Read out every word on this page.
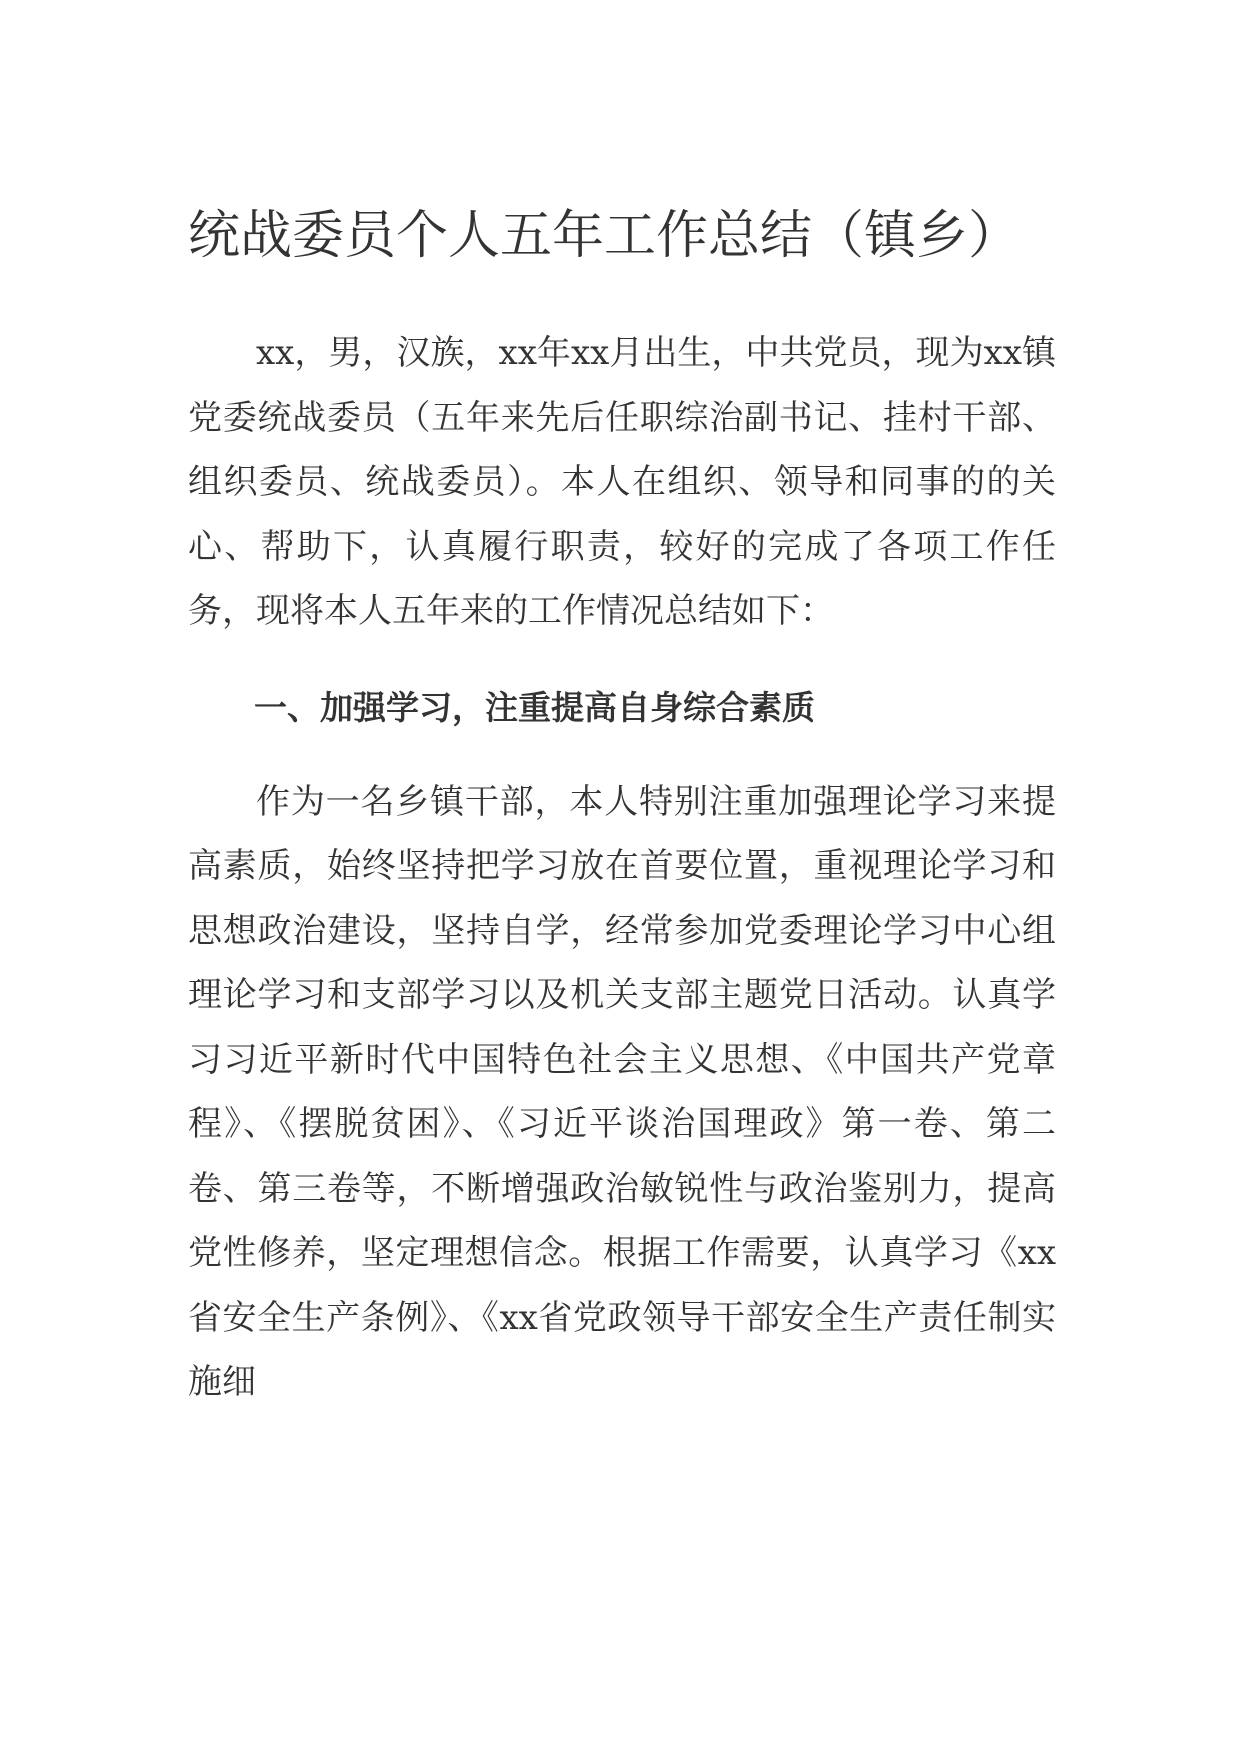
统战委员个人五年工作总结（镇乡）

xx，男，汉族，xx年xx月出生，中共党员，现为xx镇党委统战委员（五年来先后任职综治副书记、挂村干部、组织委员、统战委员）。本人在组织、领导和同事的的关心、帮助下，认真履行职责，较好的完成了各项工作任务，现将本人五年来的工作情况总结如下：

一、加强学习，注重提高自身综合素质

作为一名乡镇干部，本人特别注重加强理论学习来提高素质，始终坚持把学习放在首要位置，重视理论学习和思想政治建设，坚持自学，经常参加党委理论学习中心组理论学习和支部学习以及机关支部主题党日活动。认真学习习近平新时代中国特色社会主义思想、《中国共产党章程》、《摆脱贫困》、《习近平谈治国理政》第一卷、第二卷、第三卷等，不断增强政治敏锐性与政治鉴别力，提高党性修养，坚定理想信念。根据工作需要，认真学习《xx省安全生产条例》、《xx省党政领导干部安全生产责任制实施细
